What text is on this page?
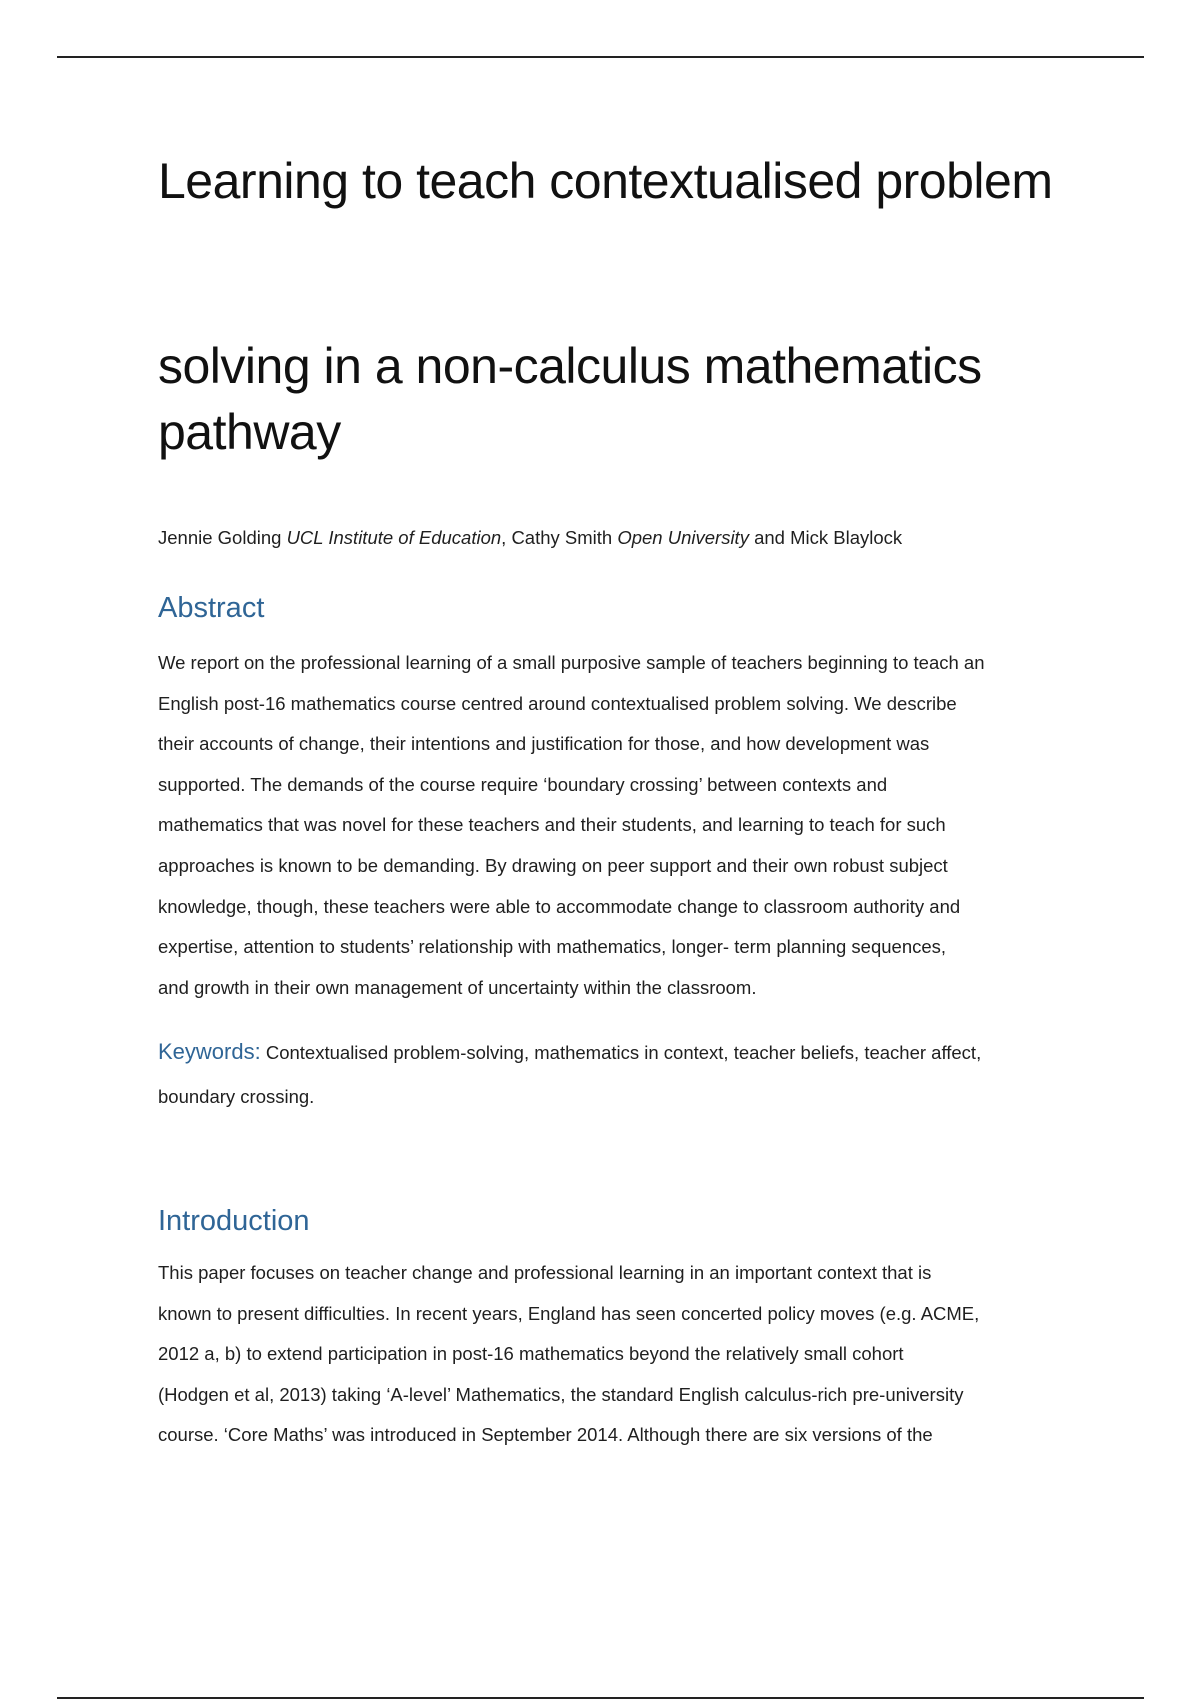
Learning to teach contextualised problem
solving in a non-calculus mathematics
pathway
Jennie Golding UCL Institute of Education, Cathy Smith Open University and Mick Blaylock
Abstract

We report on the professional learning of a small purposive sample of teachers beginning to teach an
English post-16 mathematics course centred around contextualised problem solving. We describe
their accounts of change, their intentions and justification for those, and how development was
supported. The demands of the course require ‘boundary crossing’ between contexts and
mathematics that was novel for these teachers and their students, and learning to teach for such
approaches is known to be demanding. By drawing on peer support and their own robust subject
knowledge, though, these teachers were able to accommodate change to classroom authority and
expertise, attention to students’ relationship with mathematics, longer- term planning sequences,
and growth in their own management of uncertainty within the classroom.

Keywords: Contextualised problem-solving, mathematics in context, teacher beliefs, teacher affect,
boundary crossing.
Introduction

This paper focuses on teacher change and professional learning in an important context that is
known to present difficulties. In recent years, England has seen concerted policy moves (e.g. ACME,
2012 a, b) to extend participation in post-16 mathematics beyond the relatively small cohort
(Hodgen et al, 2013) taking ‘A-level’ Mathematics, the standard English calculus-rich pre-university
course. ‘Core Maths’ was introduced in September 2014. Although there are six versions of the
